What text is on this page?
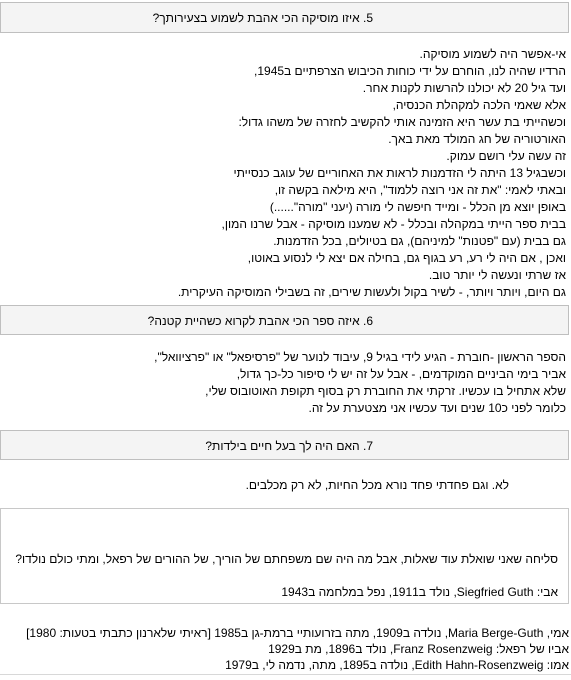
5. איזו מוסיקה הכי אהבת לשמוע בצעירותך?
אי-אפשר היה לשמוע מוסיקה.
הרדיו שהיה לנו, הוחרם על ידי כוחות הכיבוש הצרפתיים ב1945,
ועד גיל 20 לא יכולנו להרשות לקנות אחר.
אלא שאמי הלכה למקהלת הכנסיה,
וכשהייתי בת עשר היא הזמינה אותי להקשיב לחזרה של משהו גדול:
האורטוריה של חג המולד מאת באך.
זה עשה עלי רושם עמוק.
וכשבגיל 13 היתה לי הזדמנות לראות את האחוריים של עוגב כנסייתי
ובאתי לאמי: "את זה אני רוצה ללמוד", היא מילאה בקשה זו,
באופן יוצא מן הכלל - ומייד חיפשה לי מורה (יעני "מורה"......)
בבית ספר הייתי במקהלה ובכלל - לא שמענו מוסיקה - אבל שרנו המון,
גם בבית (עם "פטנות" למיניהם), גם בטיולים, בכל הזדמנות.
ואכן , אם היה לי רע, רע בגוף גם, בחילה אם יצא לי לנסוע באוטו,
אז שרתי ונעשה לי יותר טוב.
גם היום, ויותר ויותר, - לשיר בקול ולעשות שירים, זה בשבילי המוסיקה העיקרית.
6. איזה ספר הכי אהבת לקרוא כשהיית קטנה?
הספר הראשון -חוברת - הגיע לידי בגיל 9, עיבוד לנוער של "פרסיפאל" או "פרציוואל",
אביר בימי הביניים המוקדמים, - אבל על זה יש לי סיפור כל-כך גדול,
שלא אתחיל בו עכשיו. זרקתי את החוברת רק בסוף תקופת האוטובוס שלי,
כלומר לפני כ10 שנים ועד עכשיו אני מצטערת על זה.
7. האם היה לך בעל חיים בילדות?
לא. וגם פחדתי פחד נורא מכל החיות, לא רק מכלבים.
סליחה שאני שואלת עוד שאלות, אבל מה היה שם משפחתם של הוריך, של ההורים של רפאל, ומתי כולם נולדו?
אבי: Siegfried Guth, נולד ב1911, נפל במלחמה ב1943
אמי, Maria Berge-Guth, נולדה ב1909, מתה בזרועותיי ברמת-גן ב1985 [ראיתי שלארנון כתבתי בטעות: 1980]
אביו של רפאל: Franz Rosenzweig, נולד ב1896, מת ב1929
אמו: Edith Hahn-Rosenzweig, נולדה ב1895, מתה, נדמה לי, ב1979
